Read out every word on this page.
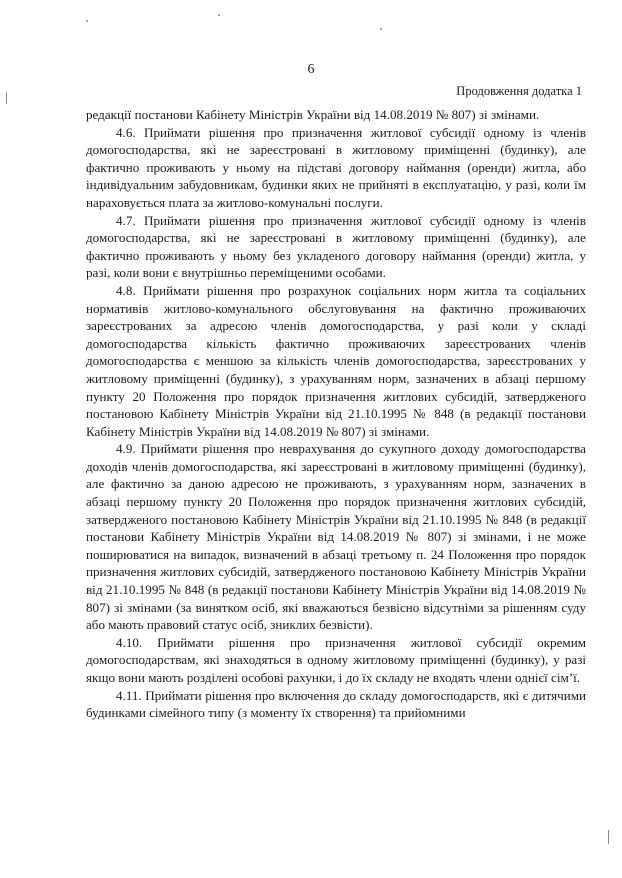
6
Продовження додатка 1

редакції постанови Кабінету Міністрів України від 14.08.2019 № 807) зі змінами.

4.6. Приймати рішення про призначення житлової субсидії одному із членів домогосподарства, які не зареєстровані в житловому приміщенні (будинку), але фактично проживають у ньому на підставі договору наймання (оренди) житла, або індивідуальним забудовникам, будинки яких не прийняті в експлуатацію, у разі, коли їм нараховується плата за житлово-комунальні послуги.

4.7. Приймати рішення про призначення житлової субсидії одному із членів домогосподарства, які не зареєстровані в житловому приміщенні (будинку), але фактично проживають у ньому без укладеного договору наймання (оренди) житла, у разі, коли вони є внутрішньо переміщеними особами.

4.8. Приймати рішення про розрахунок соціальних норм житла та соціальних нормативів житлово-комунального обслуговування на фактично проживаючих зареєстрованих за адресою членів домогосподарства, у разі коли у складі домогосподарства кількість фактично проживаючих зареєстрованих членів домогосподарства є меншою за кількість членів домогосподарства, зареєстрованих у житловому приміщенні (будинку), з урахуванням норм, зазначених в абзаці першому пункту 20 Положення про порядок призначення житлових субсидій, затвердженого постановою Кабінету Міністрів України від 21.10.1995 № 848 (в редакції постанови Кабінету Міністрів України від 14.08.2019 № 807) зі змінами.

4.9. Приймати рішення про неврахування до сукупного доходу домогосподарства доходів членів домогосподарства, які зареєстровані в житловому приміщенні (будинку), але фактично за даною адресою не проживають, з урахуванням норм, зазначених в абзаці першому пункту 20 Положення про порядок призначення житлових субсидій, затвердженого постановою Кабінету Міністрів України від 21.10.1995 № 848 (в редакції постанови Кабінету Міністрів України від 14.08.2019 № 807) зі змінами, і не може поширюватися на випадок, визначений в абзаці третьому п. 24 Положення про порядок призначення житлових субсидій, затвердженого постановою Кабінету Міністрів України від 21.10.1995 № 848 (в редакції постанови Кабінету Міністрів України від 14.08.2019 № 807) зі змінами (за винятком осіб, які вважаються безвісно відсутніми за рішенням суду або мають правовий статус осіб, зниклих безвісти).

4.10. Приймати рішення про призначення житлової субсидії окремим домогосподарствам, які знаходяться в одному житловому приміщенні (будинку), у разі якщо вони мають розділені особові рахунки, і до їх складу не входять члени однієї сім’ї.

4.11. Приймати рішення про включення до складу домогосподарств, які є дитячими будинками сімейного типу (з моменту їх створення) та прийомними
